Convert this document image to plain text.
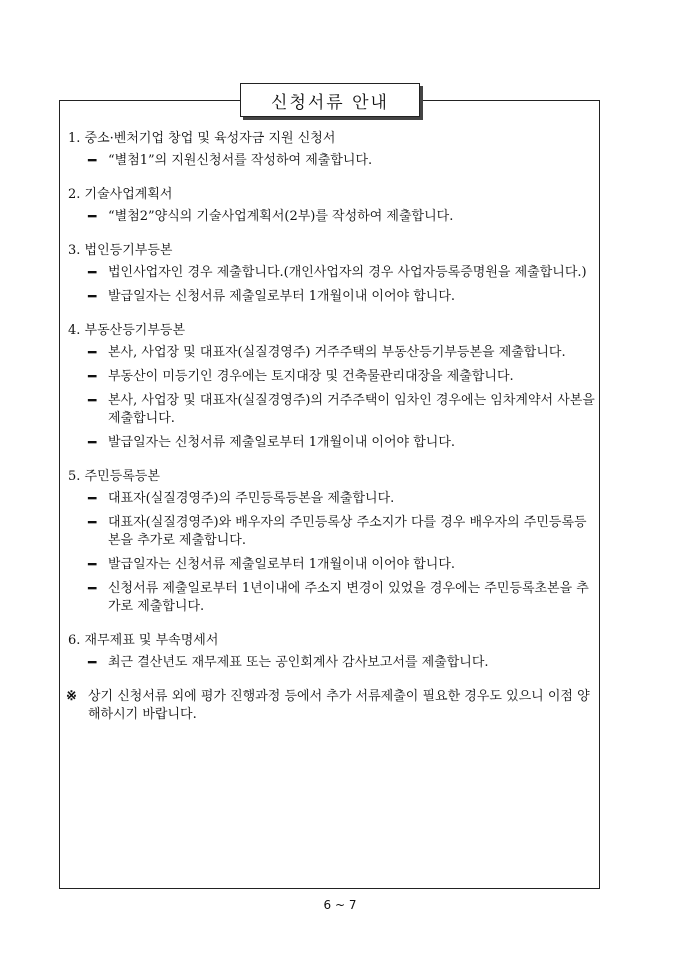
신청서류 안내
1. 중소·벤처기업 창업 및 육성자금 지원 신청서
━ “별첨1”의 지원신청서를 작성하여 제출합니다.
2. 기술사업계획서
━ “별첨2”양식의 기술사업계획서(2부)를 작성하여 제출합니다.
3. 법인등기부등본
━ 법인사업자인 경우 제출합니다.(개인사업자의 경우 사업자등록증명원을 제출합니다.)
━ 발급일자는 신청서류 제출일로부터 1개월이내 이어야 합니다.
4. 부동산등기부등본
━ 본사, 사업장 및 대표자(실질경영주) 거주주택의 부동산등기부등본을 제출합니다.
━ 부동산이 미등기인 경우에는 토지대장 및 건축물관리대장을 제출합니다.
━ 본사, 사업장 및 대표자(실질경영주)의 거주주택이 임차인 경우에는 임차계약서 사본을 제출합니다.
━ 발급일자는 신청서류 제출일로부터 1개월이내 이어야 합니다.
5. 주민등록등본
━ 대표자(실질경영주)의 주민등록등본을 제출합니다.
━ 대표자(실질경영주)와 배우자의 주민등록상 주소지가 다를 경우 배우자의 주민등록등본을 추가로 제출합니다.
━ 발급일자는 신청서류 제출일로부터 1개월이내 이어야 합니다.
━ 신청서류 제출일로부터 1년이내에 주소지 변경이 있었을 경우에는 주민등록초본을 추가로 제출합니다.
6. 재무제표 및 부속명세서
━ 최근 결산년도 재무제표 또는 공인회계사 감사보고서를 제출합니다.
※ 상기 신청서류 외에 평가 진행과정 등에서 추가 서류제출이 필요한 경우도 있으니 이점 양해하시기 바랍니다.
6 ~ 7
